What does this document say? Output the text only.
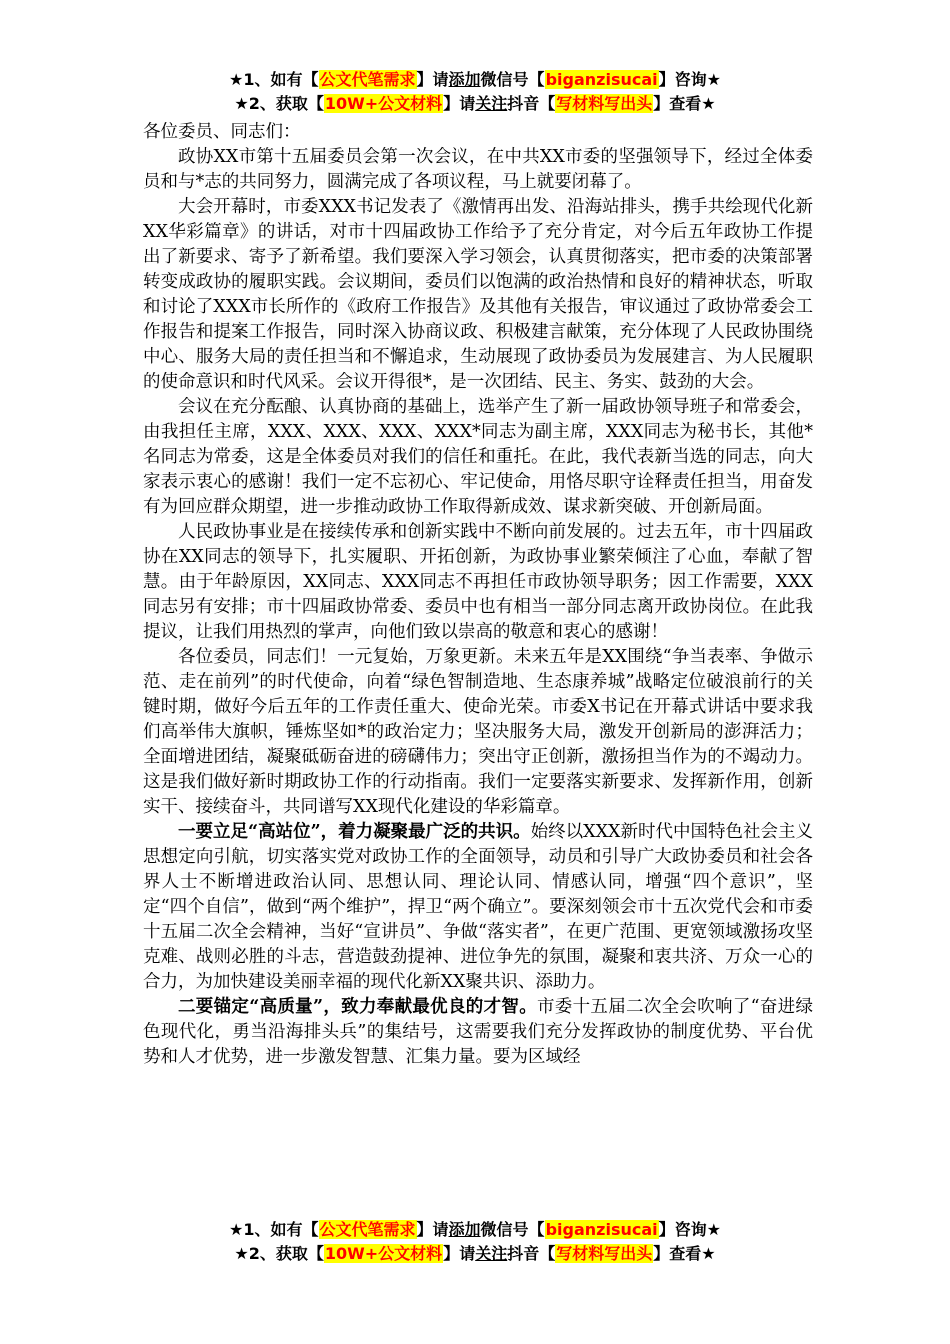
★1、如有【公文代笔需求】请添加微信号【biganzisucai】咨询★
★2、获取【10W+公文材料】请关注抖音【写材料写出头】查看★

各位委员、同志们：

政协XX市第十五届委员会第一次会议，在中共XX市委的坚强领导下，经过全体委员和与*志的共同努力，圆满完成了各项议程，马上就要闭幕了。

大会开幕时，市委XXX书记发表了《激情再出发、沿海站排头，携手共绘现代化新XX华彩篇章》的讲话，对市十四届政协工作给予了充分肯定，对今后五年政协工作提出了新要求、寄予了新希望。我们要深入学习领会，认真贯彻落实，把市委的决策部署转变成政协的履职实践。会议期间，委员们以饱满的政治热情和良好的精神状态，听取和讨论了XXX市长所作的《政府工作报告》及其他有关报告，审议通过了政协常委会工作报告和提案工作报告，同时深入协商议政、积极建言献策，充分体现了人民政协围绕中心、服务大局的责任担当和不懈追求，生动展现了政协委员为发展建言、为人民履职的使命意识和时代风采。会议开得很*，是一次团结、民主、务实、鼓劲的大会。

会议在充分酝酿、认真协商的基础上，选举产生了新一届政协领导班子和常委会，由我担任主席，XXX、XXX、XXX、XXX*同志为副主席，XXX同志为秘书长，其他*名同志为常委，这是全体委员对我们的信任和重托。在此，我代表新当选的同志，向大家表示衷心的感谢！我们一定不忘初心、牢记使命，用恪尽职守诠释责任担当，用奋发有为回应群众期望，进一步推动政协工作取得新成效、谋求新突破、开创新局面。

人民政协事业是在接续传承和创新实践中不断向前发展的。过去五年，市十四届政协在XX同志的领导下，扎实履职、开拓创新，为政协事业繁荣倾注了心血，奉献了智慧。由于年龄原因，XX同志、XXX同志不再担任市政协领导职务；因工作需要，XXX同志另有安排；市十四届政协常委、委员中也有相当一部分同志离开政协岗位。在此我提议，让我们用热烈的掌声，向他们致以崇高的敬意和衷心的感谢！

各位委员，同志们！一元复始，万象更新。未来五年是XX围绕“争当表率、争做示范、走在前列”的时代使命，向着“绿色智制造地、生态康养城”战略定位破浪前行的关键时期，做好今后五年的工作责任重大、使命光荣。市委X书记在开幕式讲话中要求我们高举伟大旗帜，锤炼坚如*的政治定力；坚决服务大局，激发开创新局的澎湃活力；全面增进团结，凝聚砥砺奋进的磅礴伟力；突出守正创新，激扬担当作为的不竭动力。这是我们做好新时期政协工作的行动指南。我们一定要落实新要求、发挥新作用，创新实干、接续奋斗，共同谱写XX现代化建设的华彩篇章。

一要立足“高站位”，着力凝聚最广泛的共识。始终以XXX新时代中国特色社会主义思想定向引航，切实落实党对政协工作的全面领导，动员和引导广大政协委员和社会各界人士不断增进政治认同、思想认同、理论认同、情感认同，增强“四个意识”，坚定“四个自信”，做到“两个维护”，捍卫“两个确立”。要深刻领会市十五次党代会和市委十五届二次全会精神，当好“宣讲员”、争做“落实者”，在更广范围、更宽领域激扬攻坚克难、战则必胜的斗志，营造鼓劲提神、进位争先的氛围，凝聚和衷共济、万众一心的合力，为加快建设美丽幸福的现代化新XX聚共识、添助力。

二要锚定“高质量”，致力奉献最优良的才智。市委十五届二次全会吹响了“奋进绿色现代化，勇当沿海排头兵”的集结号，这需要我们充分发挥政协的制度优势、平台优势和人才优势，进一步激发智慧、汇集力量。要为区域经

★1、如有【公文代笔需求】请添加微信号【biganzisucai】咨询★
★2、获取【10W+公文材料】请关注抖音【写材料写出头】查看★
